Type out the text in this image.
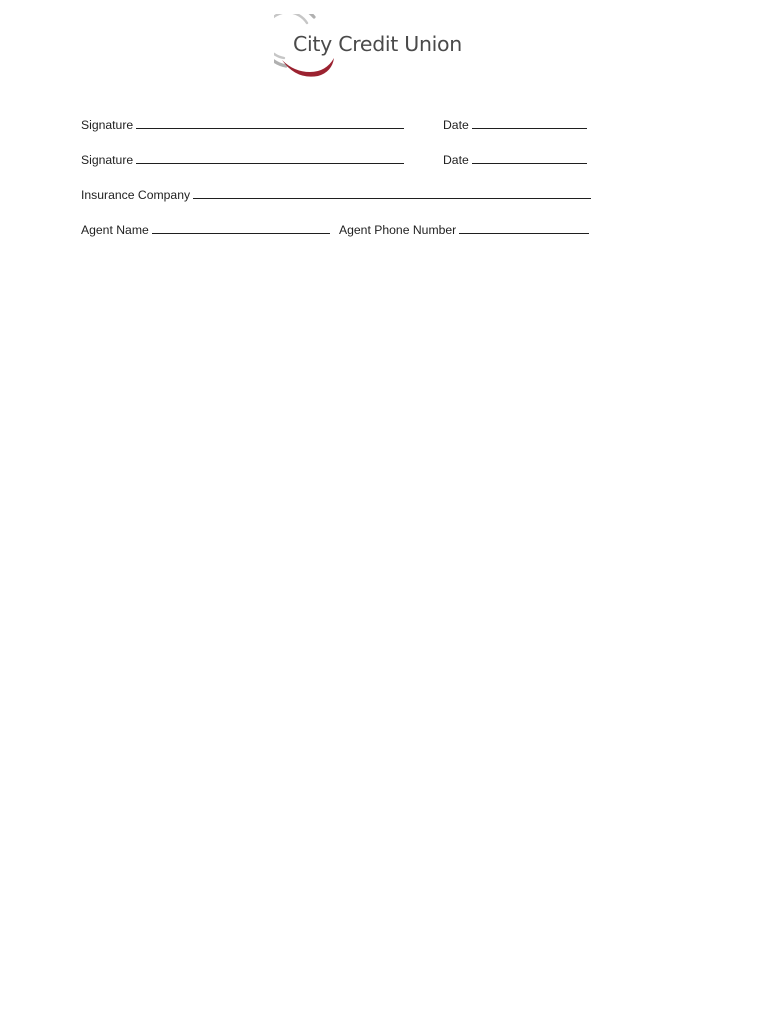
City Credit Union
Signature	Date
Signature	Date
Insurance Company
Agent Name	Agent Phone Number
